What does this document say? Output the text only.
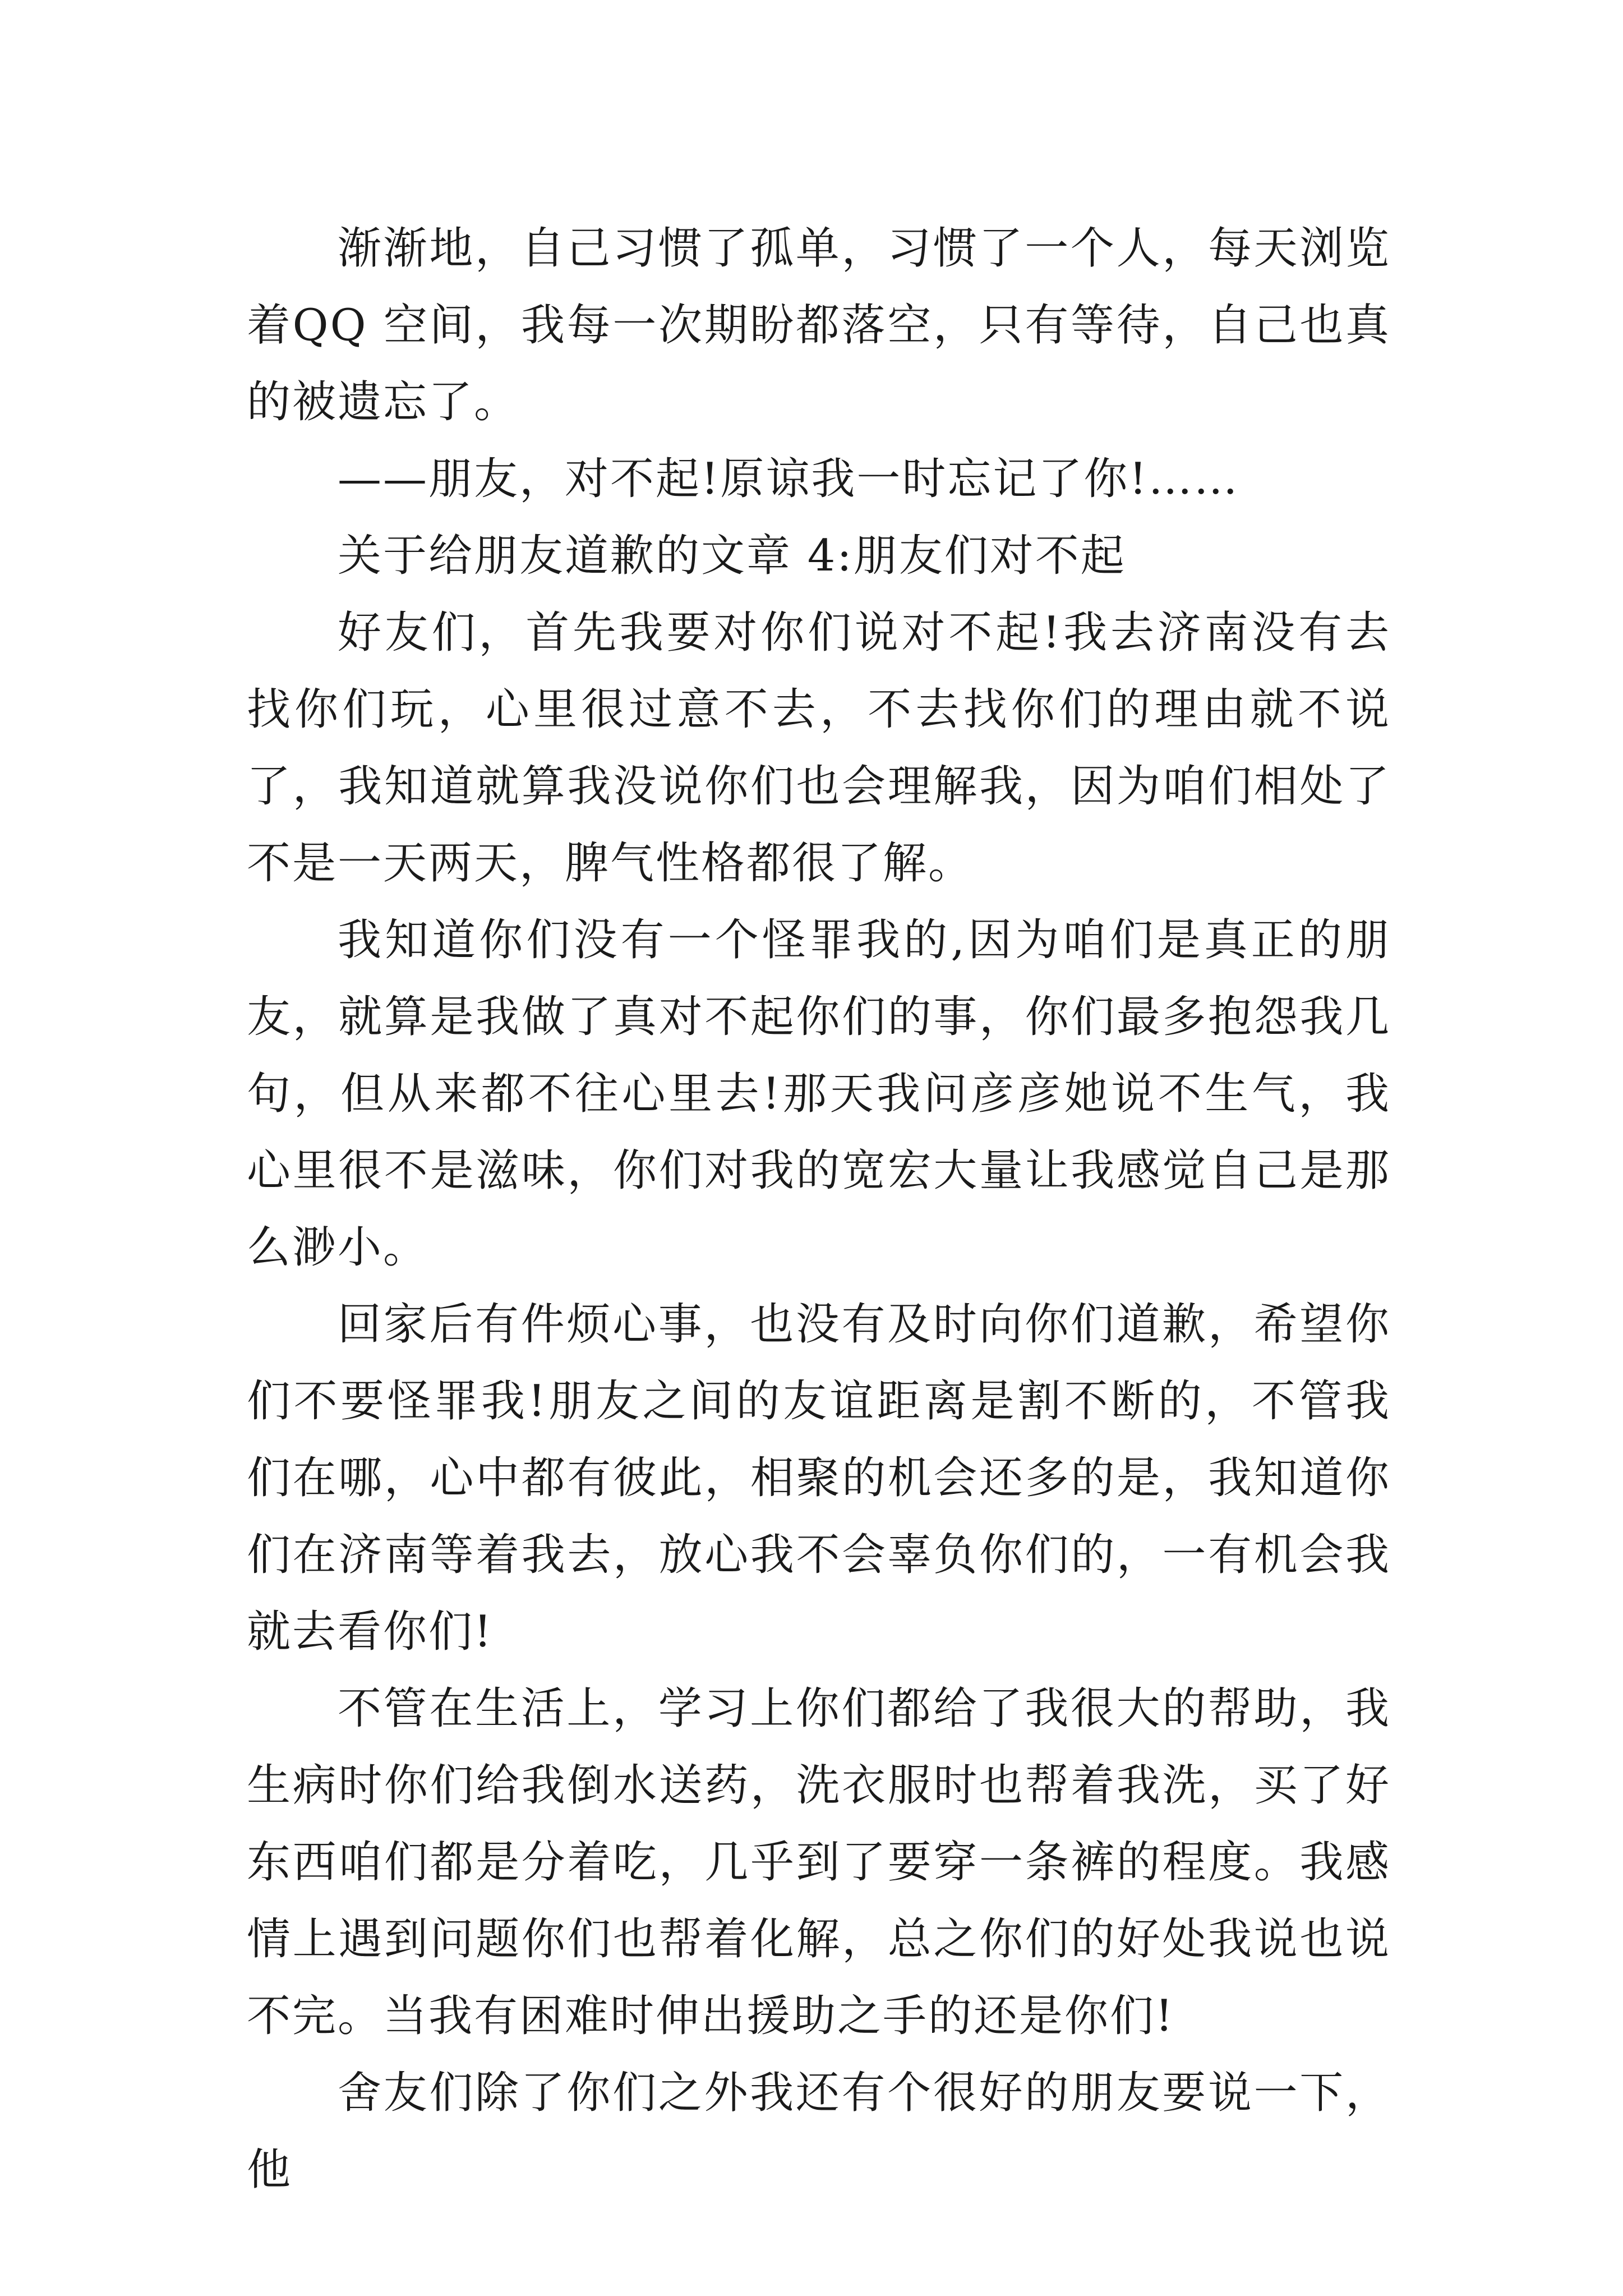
渐渐地，自己习惯了孤单，习惯了一个人，每天浏览着QQ 空间，我每一次期盼都落空，只有等待，自己也真的被遗忘了。

——朋友，对不起!原谅我一时忘记了你!……

关于给朋友道歉的文章 4:朋友们对不起

好友们，首先我要对你们说对不起!我去济南没有去找你们玩，心里很过意不去，不去找你们的理由就不说了，我知道就算我没说你们也会理解我，因为咱们相处了不是一天两天，脾气性格都很了解。

我知道你们没有一个怪罪我的,因为咱们是真正的朋友，就算是我做了真对不起你们的事，你们最多抱怨我几句，但从来都不往心里去!那天我问彦彦她说不生气，我心里很不是滋味，你们对我的宽宏大量让我感觉自己是那么渺小。

回家后有件烦心事，也没有及时向你们道歉，希望你们不要怪罪我!朋友之间的友谊距离是割不断的，不管我们在哪，心中都有彼此，相聚的机会还多的是，我知道你们在济南等着我去，放心我不会辜负你们的，一有机会我就去看你们!

不管在生活上，学习上你们都给了我很大的帮助，我生病时你们给我倒水送药，洗衣服时也帮着我洗，买了好东西咱们都是分着吃，几乎到了要穿一条裤的程度。我感情上遇到问题你们也帮着化解，总之你们的好处我说也说不完。当我有困难时伸出援助之手的还是你们!

舍友们除了你们之外我还有个很好的朋友要说一下，他
